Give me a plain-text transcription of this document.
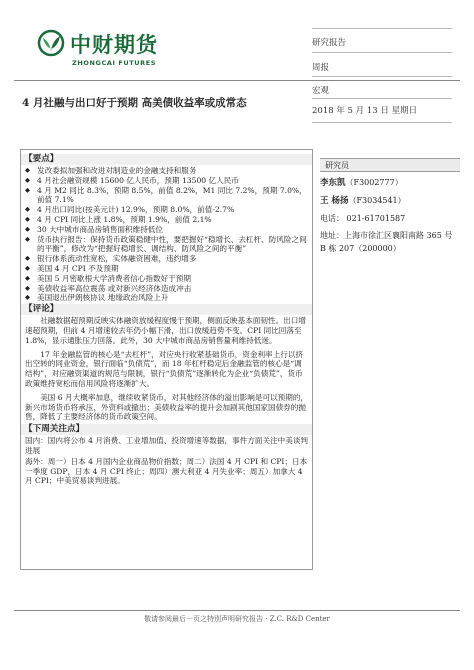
中财期货
ZHONGCAI FUTURES
研究报告
周报
宏观
2018 年 5 月 13 日 星期日
4 月社融与出口好于预期 高美债收益率或成常态
【要点】
◆ 发改委拟加强和改进对制造业的金融支持和服务
◆ 4 月社会融资规模 15600 亿人民币，预期 13500 亿人民币
◆ 4 月 M2 同比 8.3%，预期 8.5%，前值 8.2%，M1 同比 7.2%，预期 7.0%，前值 7.1%
◆ 4 月出口同比(按美元计) 12.9%，预期 8.0%，前值-2.7%
◆ 4 月 CPI 同比上涨 1.8%，预期 1.9%，前值 2.1%
◆ 30 大中城市商品房销售面积维持低位
◆ 货币执行报告：保持货币政策稳健中性，要把握好“稳增长、去杠杆、防风险之间的平衡”，修改为“把握好稳增长、调结构、防风险之间的平衡”
◆ 银行体系流动性宽松，实体融资困难，违约增多
◆ 美国 4 月 CPI 不及预期
◆ 美国 5 月密歇根大学消费者信心指数好于预期
◆ 美债收益率高位震荡 或对新兴经济体造成冲击
◆ 美国退出伊朗核协议 地缘政治风险上升
【评论】

社融数据超预期反映实体融资放缓程度慢于预期，侧面反映基本面韧性。出口增速超预期，但前 4 月增速较去年仍小幅下滑，出口放缓趋势不变。CPI 同比回落至 1.8%，显示通胀压力回落。此外，30 大中城市商品房销售量利维持低迷。

17 年金融监管的核心是“去杠杆”，对应央行收紧基础货币，资金利率上行以挤出空转的同业资金，银行面临“负债荒”，而 18 年杠杆稳定后金融监管的核心是“调结构”，对应融资渠道的规范与限制，银行“负债荒”逐渐转化为企业“负债荒”，货币政策维持宽松而信用风险将逐渐扩大。

美国 6 月大概率加息，继续收紧货币，对其他经济体的溢出影响是可以预期的，新兴市场货币将承压，外资料或撤出；美债收益率的提升会加剧其他国家国债券的抛售，降低了主要经济体的货币政策空间。

【下周关注点】

国内：国内将公布 4 月消费、工业增加值、投资增速等数据，事件方面关注中美谈判进展

海外：周一）日本 4 月国内企业商品物价指数；周二）法国 4 月 CPI 和 CPI；日本一季度 GDP，日本 4 月 CPI 终止；周四）澳大利亚 4 月失业率；周五）加拿大 4 月 CPI；中美贸易谈判进展。

研究员
李东凯（F3002777）
王 杨扬（F3034541）
电话： 021-61701587
地址：上海市徐汇区襄阳南路 365 号 B 栋 207（200000）
敬请参阅最后一页之特别声明研究报告 · Z.C. R&D Center
